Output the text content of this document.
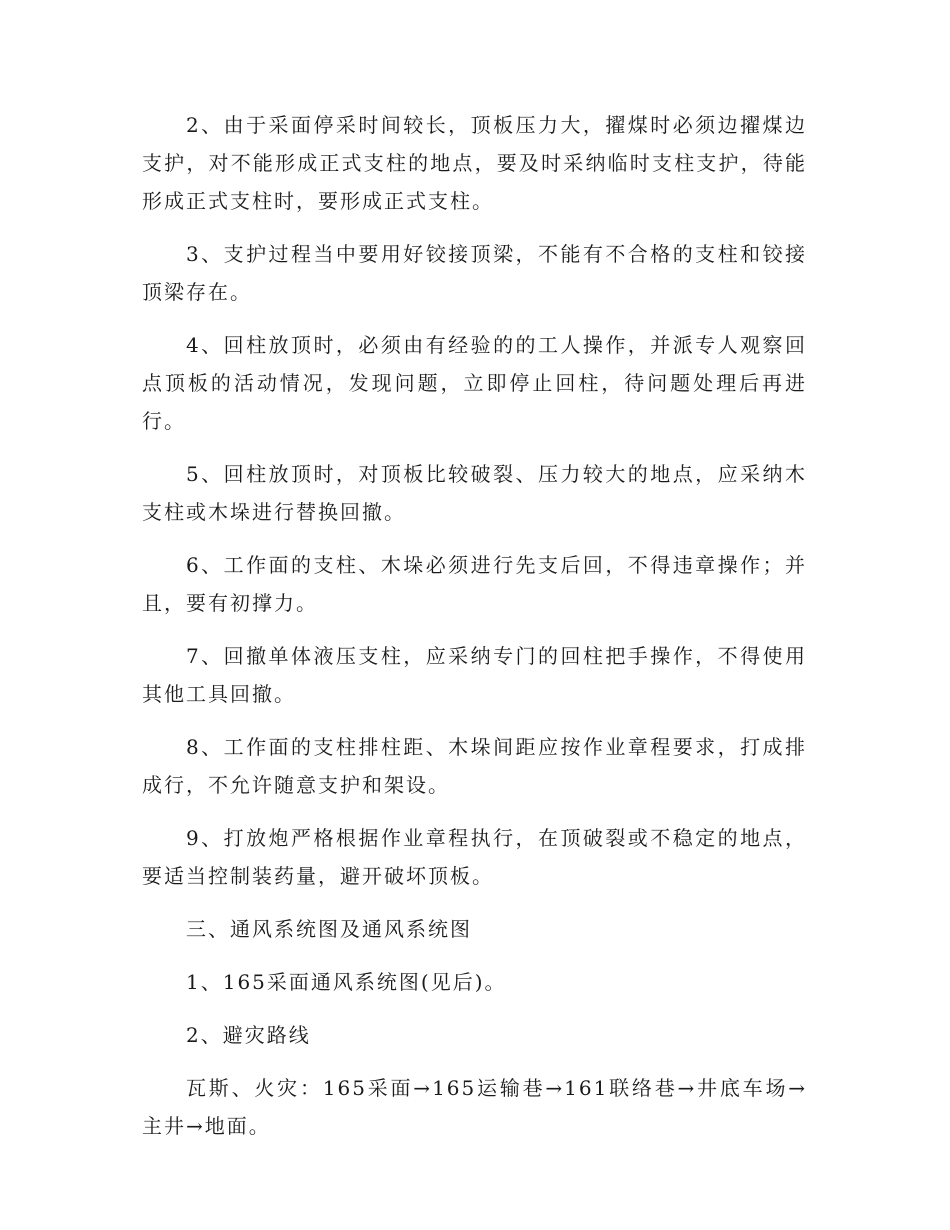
2、由于采面停采时间较长，顶板压力大，擢煤时必须边擢煤边支护，对不能形成正式支柱的地点，要及时采纳临时支柱支护，待能形成正式支柱时，要形成正式支柱。

3、支护过程当中要用好铰接顶梁，不能有不合格的支柱和铰接顶梁存在。

4、回柱放顶时，必须由有经验的的工人操作，并派专人观察回点顶板的活动情况，发现问题，立即停止回柱，待问题处理后再进行。

5、回柱放顶时，对顶板比较破裂、压力较大的地点，应采纳木支柱或木垛进行替换回撤。

6、工作面的支柱、木垛必须进行先支后回，不得违章操作；并且，要有初撑力。

7、回撤单体液压支柱，应采纳专门的回柱把手操作，不得使用其他工具回撤。

8、工作面的支柱排柱距、木垛间距应按作业章程要求，打成排成行，不允许随意支护和架设。

9、打放炮严格根据作业章程执行，在顶破裂或不稳定的地点，要适当控制装药量，避开破坏顶板。

三、通风系统图及通风系统图

1、165采面通风系统图(见后)。

2、避灾路线

瓦斯、火灾：165采面→165运输巷→161联络巷→井底车场→主井→地面。
